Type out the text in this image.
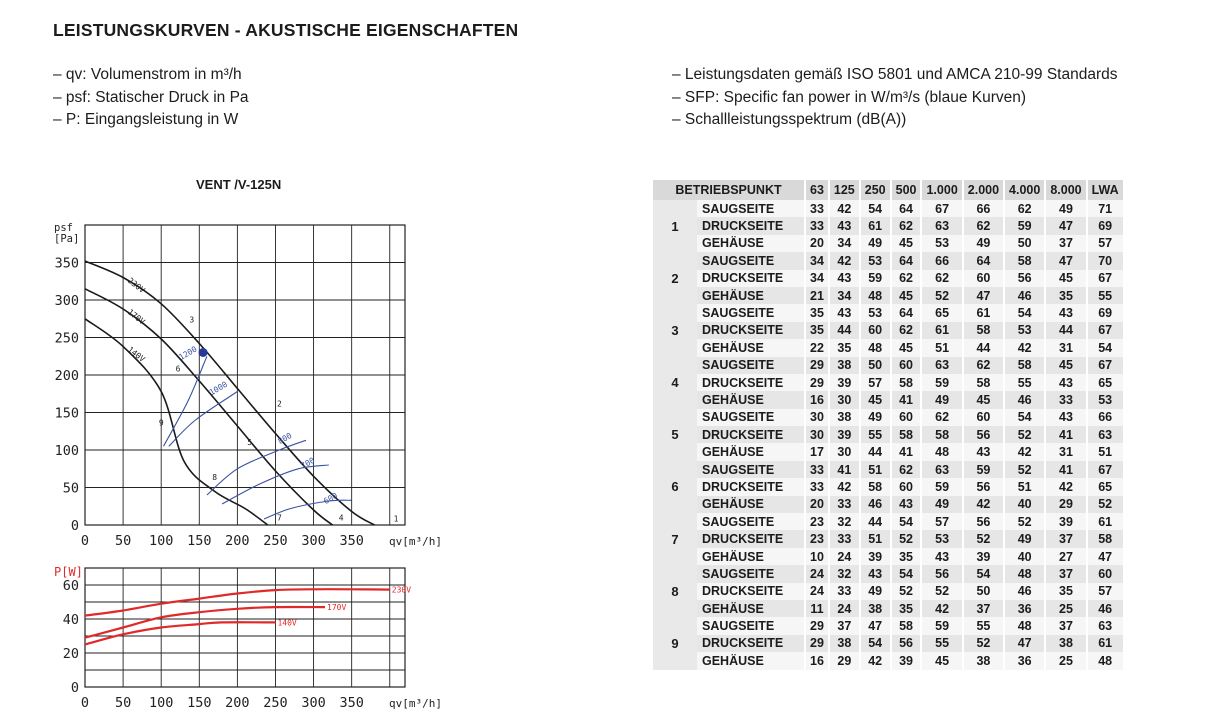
LEISTUNGSKURVEN - AKUSTISCHE EIGENSCHAFTEN
– qv: Volumenstrom in m³/h
– psf: Statischer Druck in Pa
– P: Eingangsleistung in W
– Leistungsdaten gemäß ISO 5801 und AMCA 210-99 Standards
– SFP: Specific fan power in W/m³/s (blaue Kurven)
– Schallleistungsspektrum (dB(A))
VENT /V-125N
0 50 100 150 200 250 300 350
0
50
100
150
200
250
300
350
qv[m³/h]
psf
[Pa]
230V
170V
140V	1200
1000
800
700
600
1
2
3
4
5
6
7
8
9
0 50 100 150 200 250 300 350
0
20
40
60
qv[m³/h]
P[W]
230V
170V
140V
BETRIEBSPUNKT		63	125	250	500	1.000	2.000	4.000	8.000	LWA
1	SAUGSEITE	33	42	54	64	67	66	62	49	71
	DRUCKSEITE	33	43	61	62	63	62	59	47	69
	GEHÄUSE	20	34	49	45	53	49	50	37	57
2	SAUGSEITE	34	42	53	64	66	64	58	47	70
	DRUCKSEITE	34	43	59	62	62	60	56	45	67
	GEHÄUSE	21	34	48	45	52	47	46	35	55
3	SAUGSEITE	35	43	53	64	65	61	54	43	69
	DRUCKSEITE	35	44	60	62	61	58	53	44	67
	GEHÄUSE	22	35	48	45	51	44	42	31	54
4	SAUGSEITE	29	38	50	60	63	62	58	45	67
	DRUCKSEITE	29	39	57	58	59	58	55	43	65
	GEHÄUSE	16	30	45	41	49	45	46	33	53
5	SAUGSEITE	30	38	49	60	62	60	54	43	66
	DRUCKSEITE	30	39	55	58	58	56	52	41	63
	GEHÄUSE	17	30	44	41	48	43	42	31	51
6	SAUGSEITE	33	41	51	62	63	59	52	41	67
	DRUCKSEITE	33	42	58	60	59	56	51	42	65
	GEHÄUSE	20	33	46	43	49	42	40	29	52
7	SAUGSEITE	23	32	44	54	57	56	52	39	61
	DRUCKSEITE	23	33	51	52	53	52	49	37	58
	GEHÄUSE	10	24	39	35	43	39	40	27	47
8	SAUGSEITE	24	32	43	54	56	54	48	37	60
	DRUCKSEITE	24	33	49	52	52	50	46	35	57
	GEHÄUSE	11	24	38	35	42	37	36	25	46
9	SAUGSEITE	29	37	47	58	59	55	48	37	63
	DRUCKSEITE	29	38	54	56	55	52	47	38	61
	GEHÄUSE	16	29	42	39	45	38	36	25	48
